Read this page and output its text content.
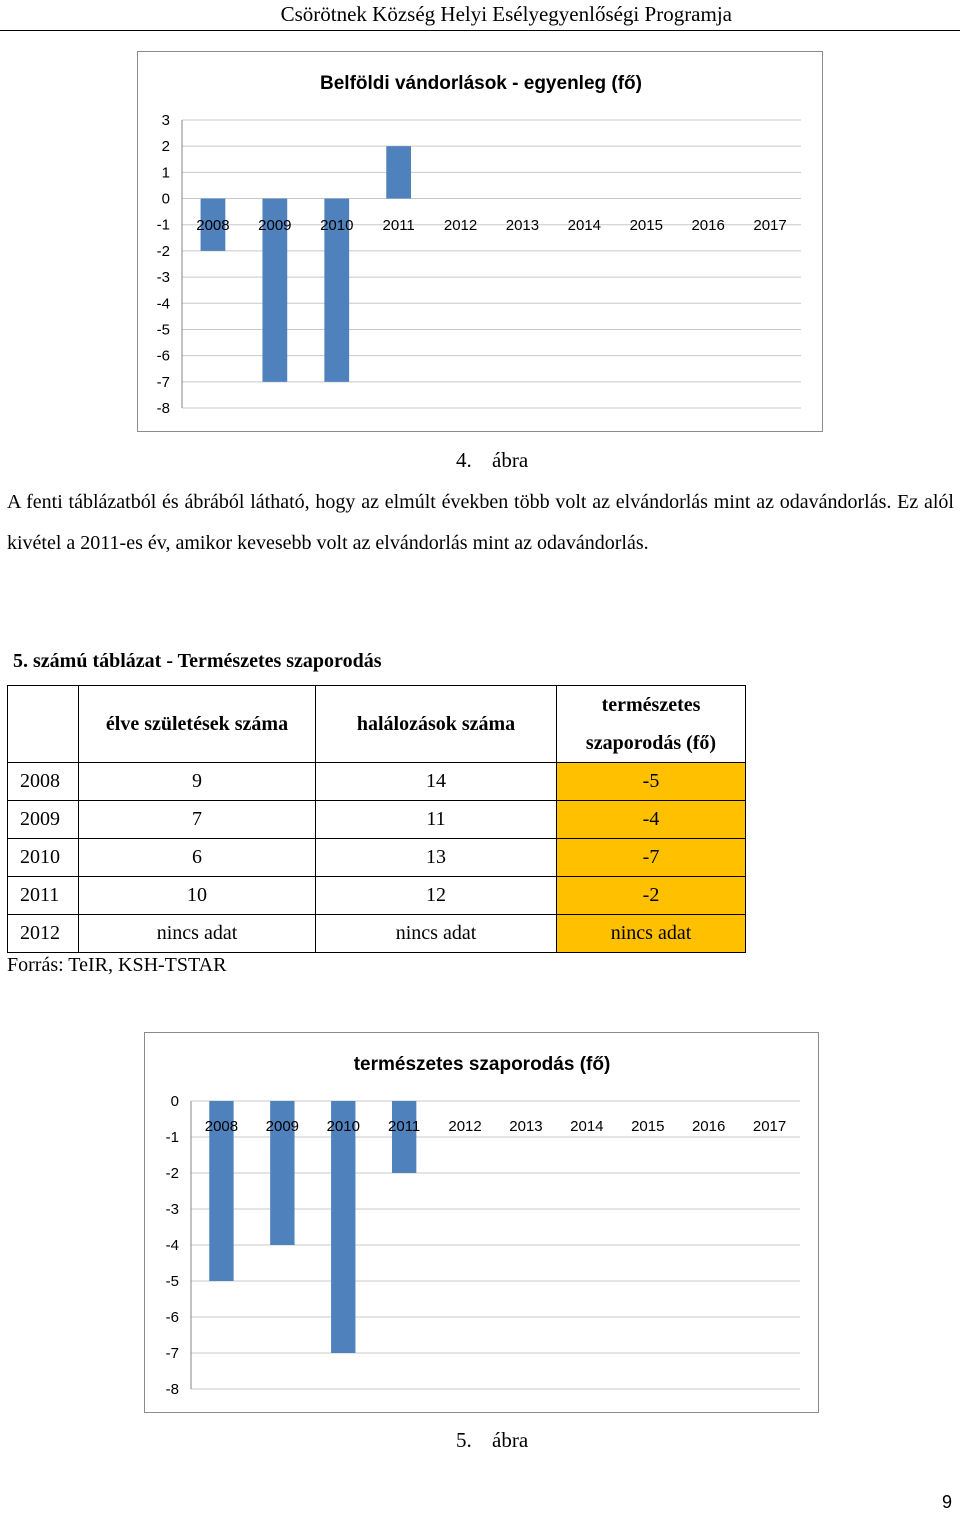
Csörötnek Község Helyi Esélyegyenlőségi Programja
Belföldi vándorlások - egyenleg (fő)
3
2
1
0
-1
-2
-3
-4
-5
-6
-7
-8
2008 2009 2010 2011 2012 2013 2014 2015 2016 2017
4. ábra

A fenti táblázatból és ábrából látható, hogy az elmúlt években több volt az elvándorlás mint az odavándorlás. Ez alól kivétel a 2011-es év, amikor kevesebb volt az elvándorlás mint az odavándorlás.

5. számú táblázat - Természetes szaporodás
	élve születések száma	halálozások száma	természetes szaporodás (fő)
2008	9	14	-5
2009	7	11	-4
2010	6	13	-7
2011	10	12	-2
2012	nincs adat	nincs adat	nincs adat
Forrás: TeIR, KSH-TSTAR
természetes szaporodás (fő)
0
-1
-2
-3
-4
-5
-6
-7
-8
2008 2009 2010 2011 2012 2013 2014 2015 2016 2017
5. ábra
9
